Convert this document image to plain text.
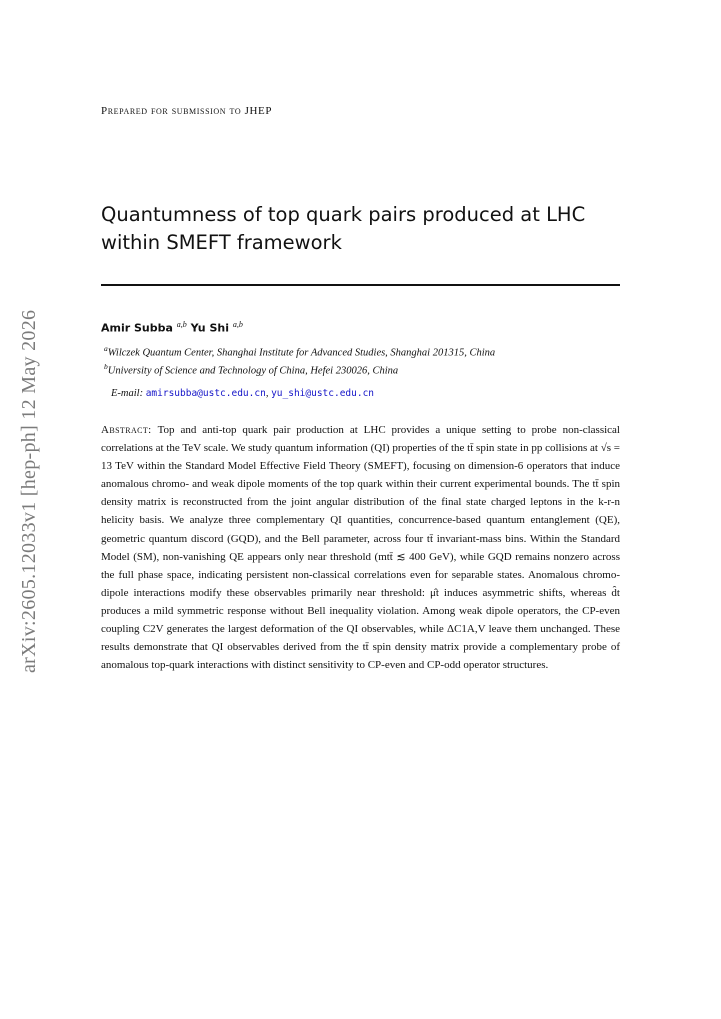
arXiv:2605.12033v1 [hep-ph] 12 May 2026
Prepared for submission to JHEP
Quantumness of top quark pairs produced at LHC within SMEFT framework
Amir Subba $^{a,b}$ Yu Shi $^{a,b}$
$^a$Wilczek Quantum Center, Shanghai Institute for Advanced Studies, Shanghai 201315, China
$^b$University of Science and Technology of China, Hefei 230026, China
E-mail: amirsubba@ustc.edu.cn, yu_shi@ustc.edu.cn
Abstract: Top and anti-top quark pair production at LHC provides a unique setting to probe non-classical correlations at the TeV scale. We study quantum information (QI) properties of the tt̄ spin state in pp collisions at √s = 13 TeV within the Standard Model Effective Field Theory (SMEFT), focusing on dimension-6 operators that induce anomalous chromo- and weak dipole moments of the top quark within their current experimental bounds. The tt̄ spin density matrix is reconstructed from the joint angular distribution of the final state charged leptons in the k-r-n helicity basis. We analyze three complementary QI quantities, concurrence-based quantum entanglement (QE), geometric quantum discord (GQD), and the Bell parameter, across four tt̄ invariant-mass bins. Within the Standard Model (SM), non-vanishing QE appears only near threshold (mtt̄ ≲ 400 GeV), while GQD remains nonzero across the full phase space, indicating persistent non-classical correlations even for separable states. Anomalous chromo-dipole interactions modify these observables primarily near threshold: μ̂t induces asymmetric shifts, whereas d̂t produces a mild symmetric response without Bell inequality violation. Among weak dipole operators, the CP-even coupling C2V generates the largest deformation of the QI observables, while ΔC1A,V leave them unchanged. These results demonstrate that QI observables derived from the tt̄ spin density matrix provide a complementary probe of anomalous top-quark interactions with distinct sensitivity to CP-even and CP-odd operator structures.
